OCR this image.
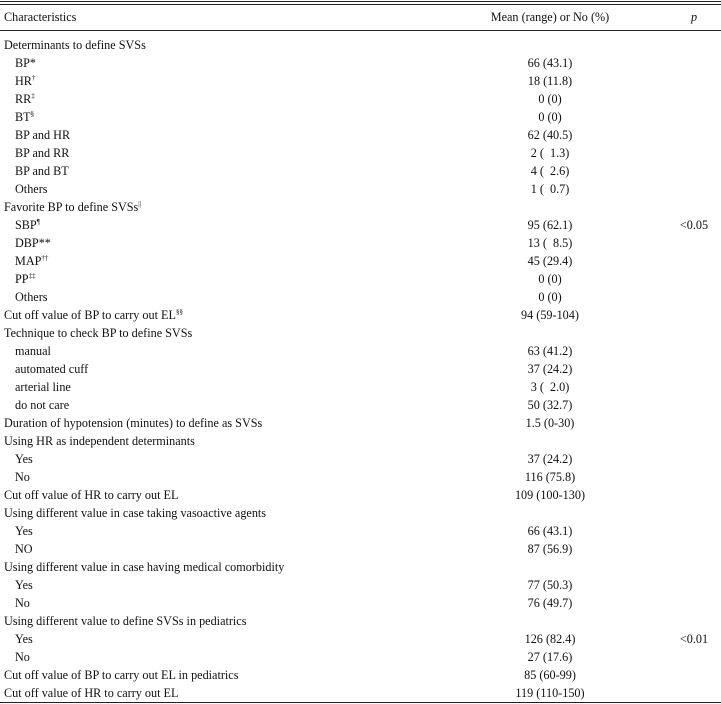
Characteristics	Mean (range) or No (%)	p
Determinants to define SVSs
BP*	66 (43.1)
HR†	18 (11.8)
RR‡	0 (0)
BT§	0 (0)
BP and HR	62 (40.5)
BP and RR	2 (  1.3)
BP and BT	4 (  2.6)
Others	1 (  0.7)
Favorite BP to define SVSs||
SBP¶	95 (62.1)	<0.05
DBP**	13 (  8.5)
MAP††	45 (29.4)
PP‡‡	0 (0)
Others	0 (0)
Cut off value of BP to carry out EL§§	94 (59-104)
Technique to check BP to define SVSs
manual	63 (41.2)
automated cuff	37 (24.2)
arterial line	3 (  2.0)
do not care	50 (32.7)
Duration of hypotension (minutes) to define as SVSs	1.5 (0-30)
Using HR as independent determinants
Yes	37 (24.2)
No	116 (75.8)
Cut off value of HR to carry out EL	109 (100-130)
Using different value in case taking vasoactive agents
Yes	66 (43.1)
NO	87 (56.9)
Using different value in case having medical comorbidity
Yes	77 (50.3)
No	76 (49.7)
Using different value to define SVSs in pediatrics
Yes	126 (82.4)	<0.01
No	27 (17.6)
Cut off value of BP to carry out EL in pediatrics	85 (60-99)
Cut off value of HR to carry out EL	119 (110-150)
